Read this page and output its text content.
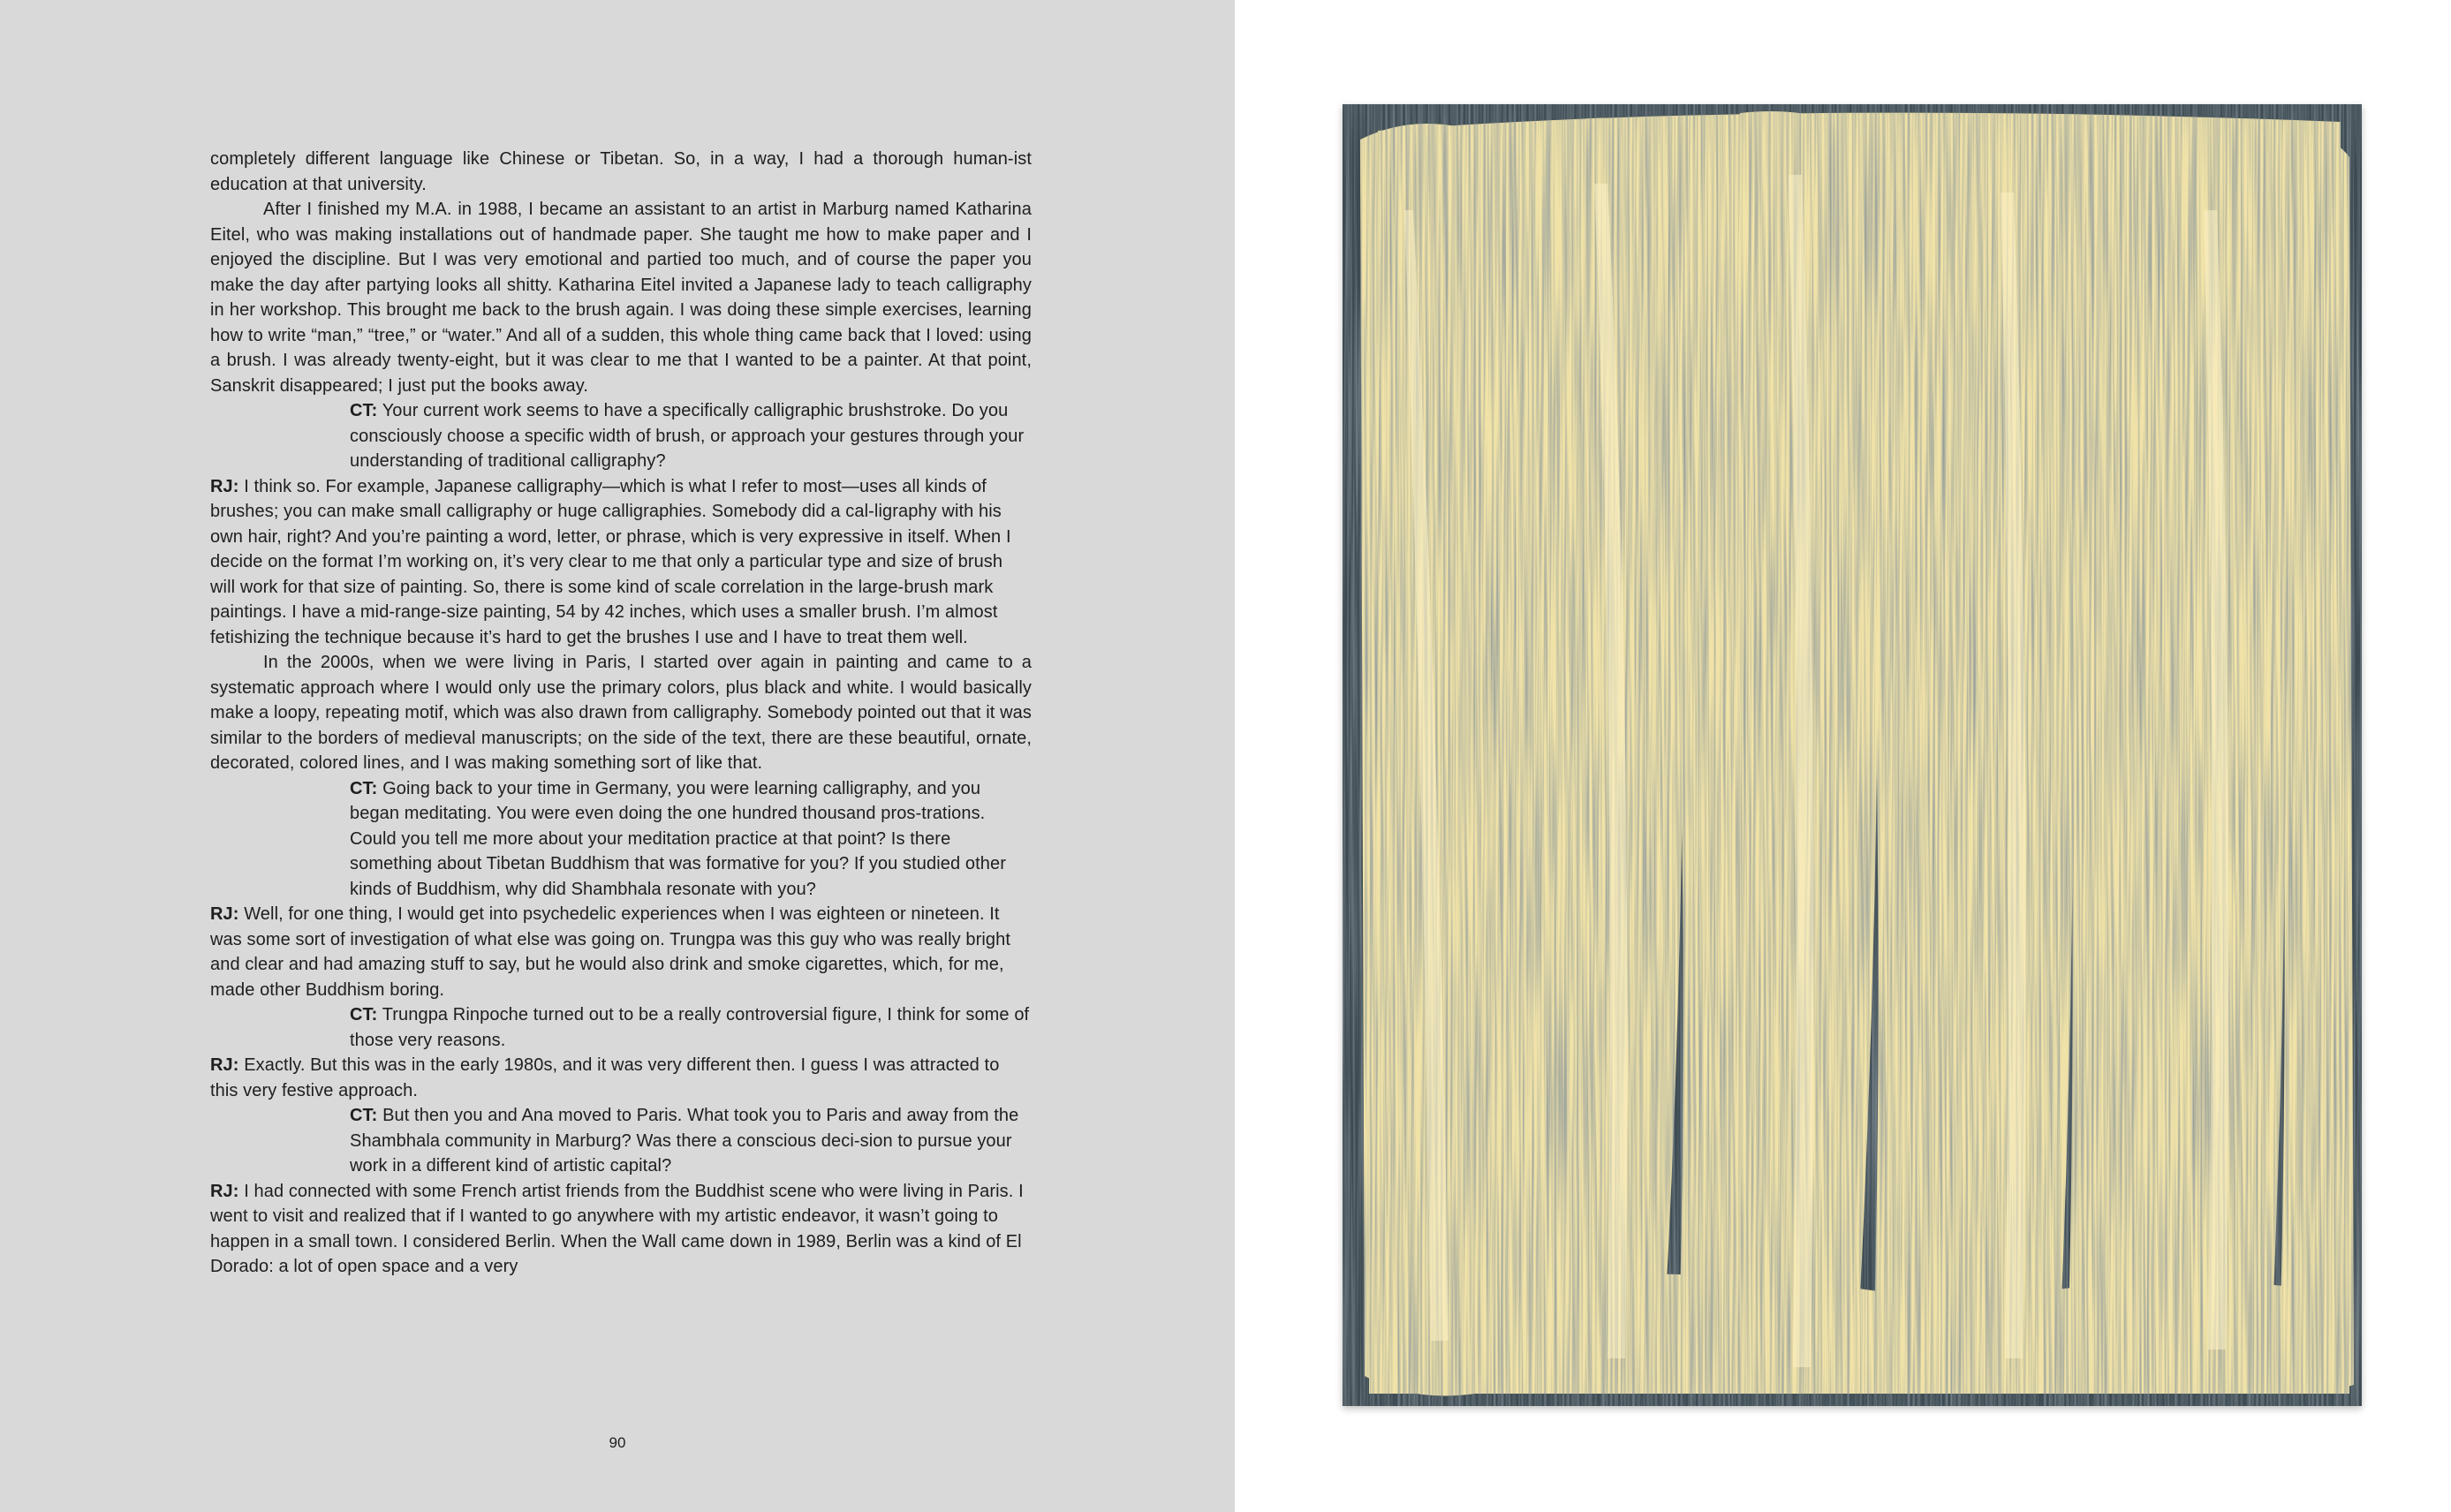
completely different language like Chinese or Tibetan. So, in a way, I had a thorough human-ist education at that university.

After I finished my M.A. in 1988, I became an assistant to an artist in Marburg named Katharina Eitel, who was making installations out of handmade paper. She taught me how to make paper and I enjoyed the discipline. But I was very emotional and partied too much, and of course the paper you make the day after partying looks all shitty. Katharina Eitel invited a Japanese lady to teach calligraphy in her workshop. This brought me back to the brush again. I was doing these simple exercises, learning how to write “man,” “tree,” or “water.” And all of a sudden, this whole thing came back that I loved: using a brush. I was already twenty-eight, but it was clear to me that I wanted to be a painter. At that point, Sanskrit disappeared; I just put the books away.

CT: Your current work seems to have a specifically calligraphic brushstroke. Do you consciously choose a specific width of brush, or approach your gestures through your understanding of traditional calligraphy?

RJ: I think so. For example, Japanese calligraphy—which is what I refer to most—uses all kinds of brushes; you can make small calligraphy or huge calligraphies. Somebody did a cal-ligraphy with his own hair, right? And you’re painting a word, letter, or phrase, which is very expressive in itself. When I decide on the format I’m working on, it’s very clear to me that only a particular type and size of brush will work for that size of painting. So, there is some kind of scale correlation in the large-brush mark paintings. I have a mid-range-size painting, 54 by 42 inches, which uses a smaller brush. I’m almost fetishizing the technique because it’s hard to get the brushes I use and I have to treat them well.

In the 2000s, when we were living in Paris, I started over again in painting and came to a systematic approach where I would only use the primary colors, plus black and white. I would basically make a loopy, repeating motif, which was also drawn from calligraphy. Somebody pointed out that it was similar to the borders of medieval manuscripts; on the side of the text, there are these beautiful, ornate, decorated, colored lines, and I was making something sort of like that.

CT: Going back to your time in Germany, you were learning calligraphy, and you began meditating. You were even doing the one hundred thousand pros-trations. Could you tell me more about your meditation practice at that point? Is there something about Tibetan Buddhism that was formative for you? If you studied other kinds of Buddhism, why did Shambhala resonate with you?

RJ: Well, for one thing, I would get into psychedelic experiences when I was eighteen or nineteen. It was some sort of investigation of what else was going on. Trungpa was this guy who was really bright and clear and had amazing stuff to say, but he would also drink and smoke cigarettes, which, for me, made other Buddhism boring.

CT: Trungpa Rinpoche turned out to be a really controversial figure, I think for some of those very reasons.

RJ: Exactly. But this was in the early 1980s, and it was very different then. I guess I was attracted to this very festive approach.

CT: But then you and Ana moved to Paris. What took you to Paris and away from the Shambhala community in Marburg? Was there a conscious deci-sion to pursue your work in a different kind of artistic capital?

RJ: I had connected with some French artist friends from the Buddhist scene who were living in Paris. I went to visit and realized that if I wanted to go anywhere with my artistic endeavor, it wasn’t going to happen in a small town. I considered Berlin. When the Wall came down in 1989, Berlin was a kind of El Dorado: a lot of open space and a very

90
